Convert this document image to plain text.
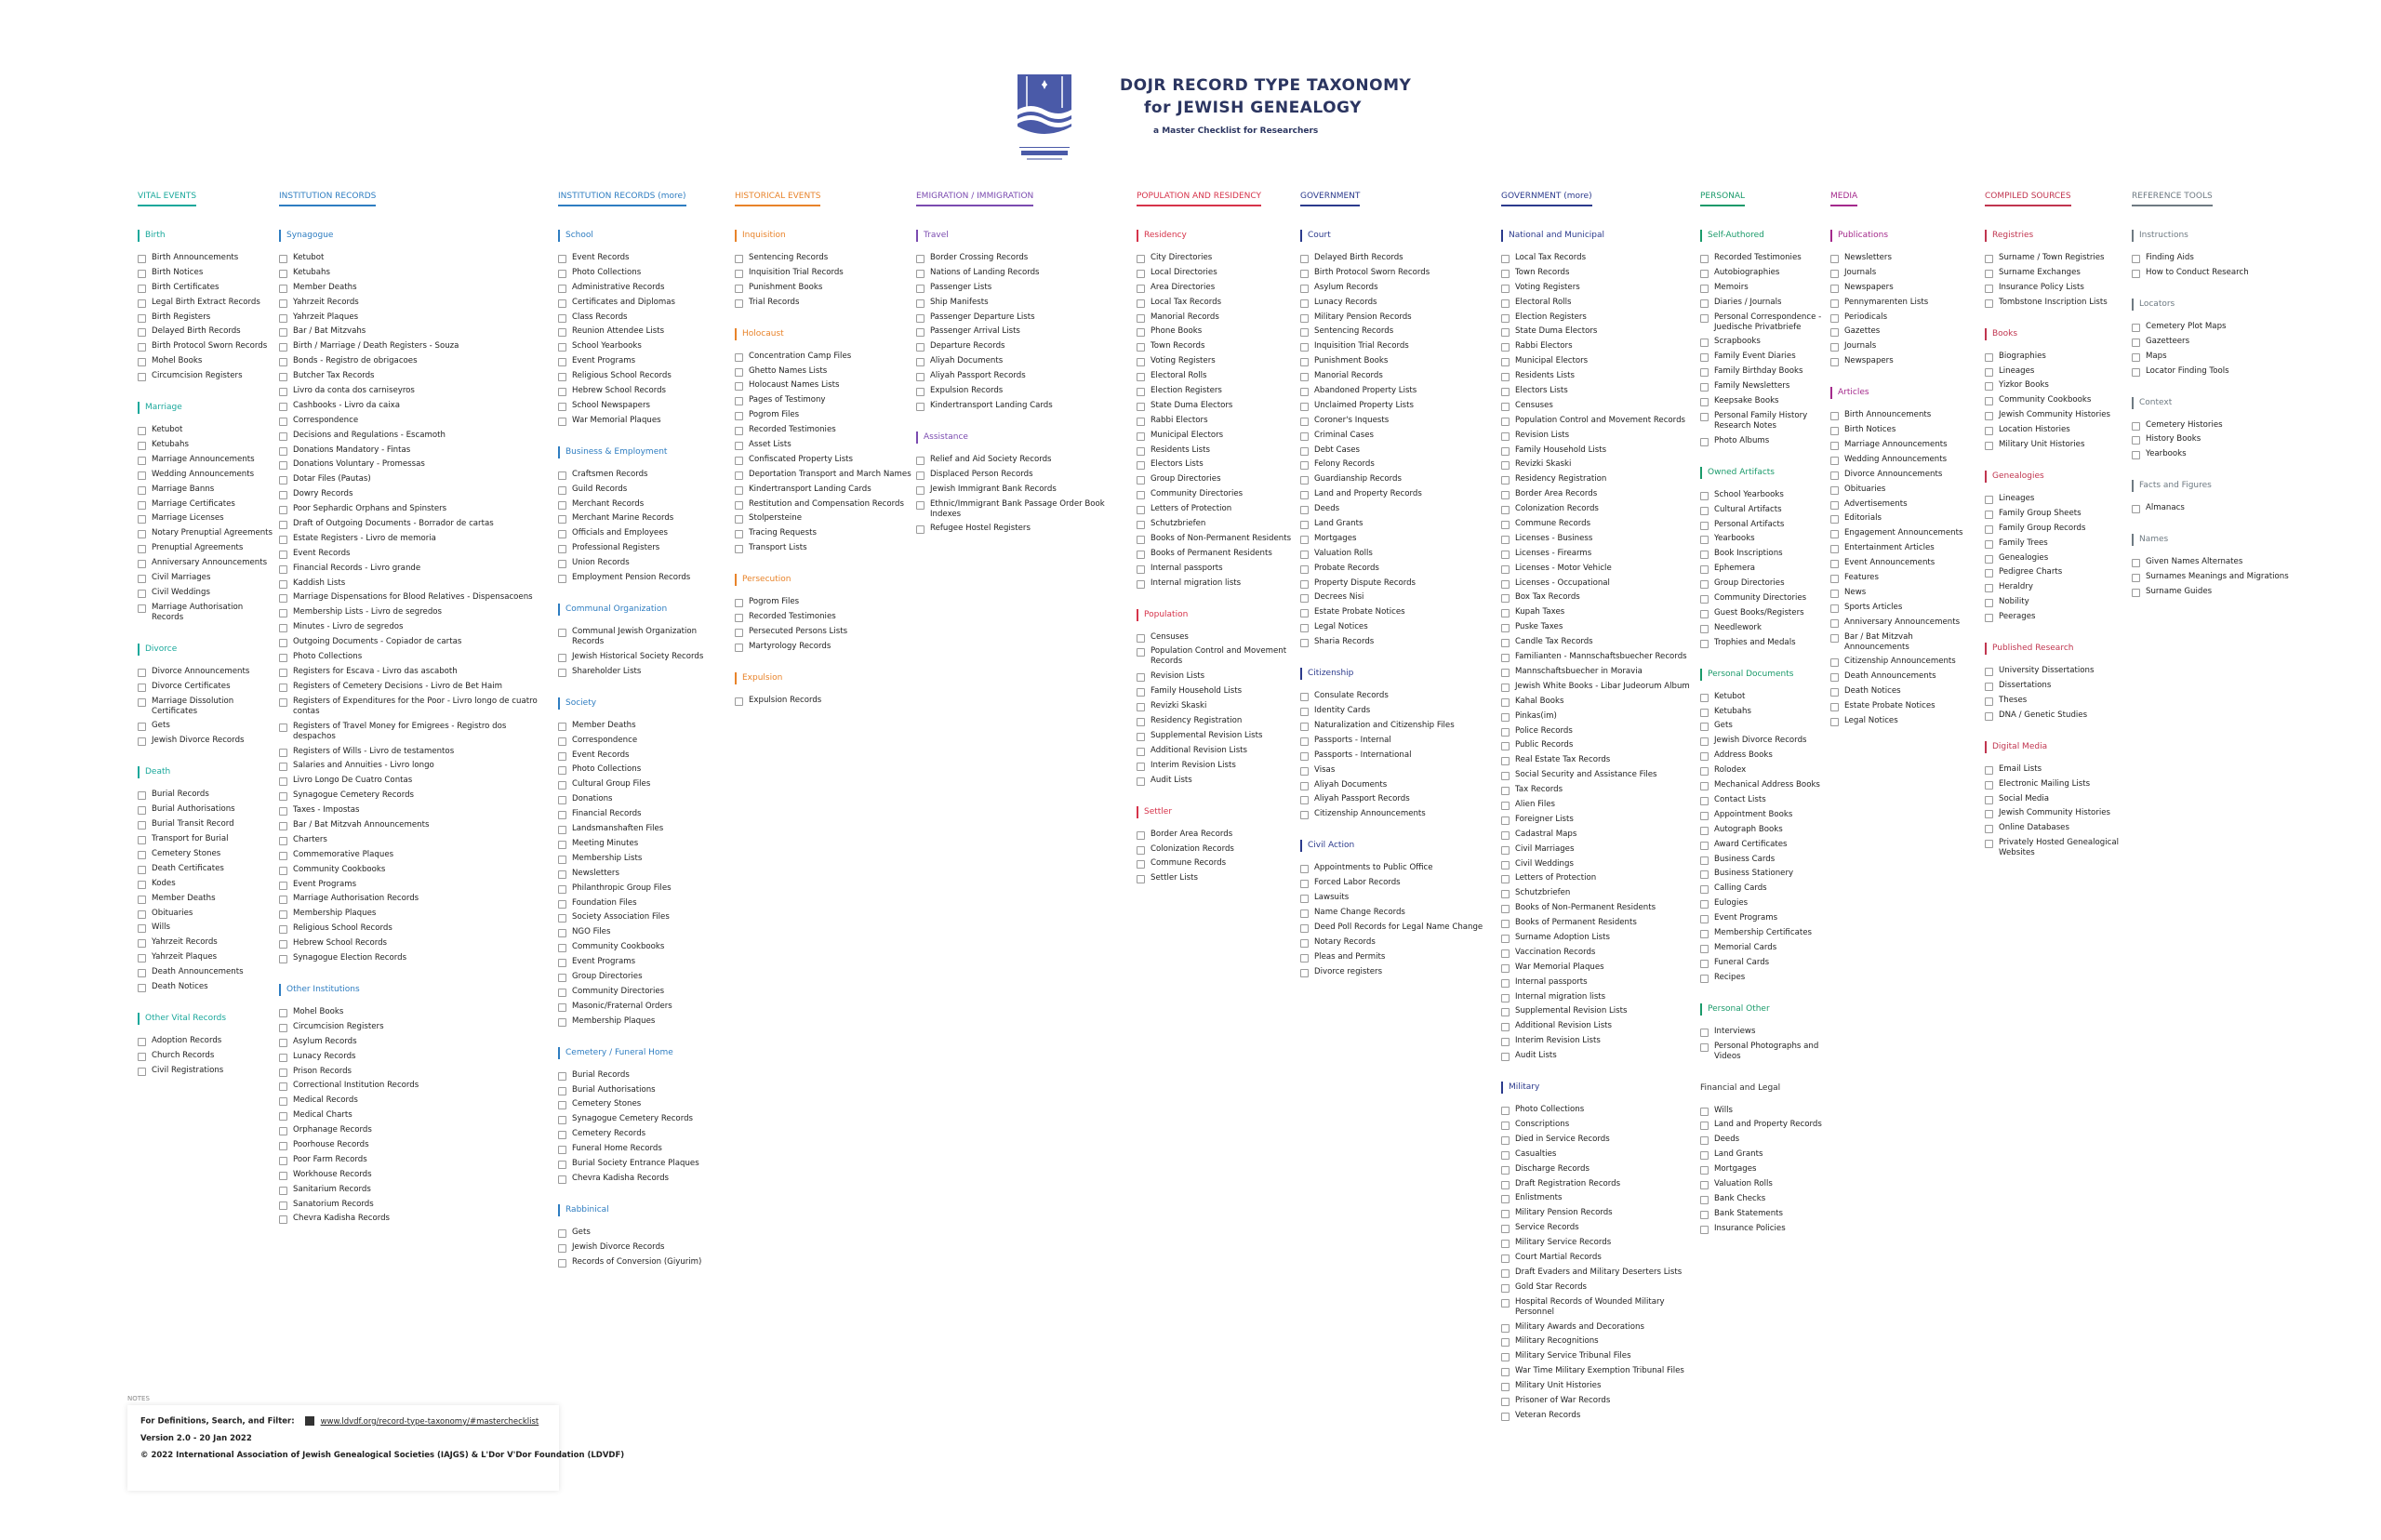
DOJR RECORD TYPE TAXONOMY
for JEWISH GENEALOGY
a Master Checklist for Researchers
VITAL EVENTS
Birth
Birth Announcements
Birth Notices
Birth Certificates
Legal Birth Extract Records
Birth Registers
Delayed Birth Records
Birth Protocol Sworn Records
Mohel Books
Circumcision Registers
Marriage
Ketubot
Ketubahs
Marriage Announcements
Wedding Announcements
Marriage Banns
Marriage Certificates
Marriage Licenses
Notary Prenuptial Agreements
Prenuptial Agreements
Anniversary Announcements
Civil Marriages
Civil Weddings
Marriage Authorisation Records
Divorce
Divorce Announcements
Divorce Certificates
Marriage Dissolution Certificates
Gets
Jewish Divorce Records
Death
Burial Records
Burial Authorisations
Burial Transit Record
Transport for Burial
Cemetery Stones
Death Certificates
Kodes
Member Deaths
Obituaries
Wills
Yahrzeit Records
Yahrzeit Plaques
Death Announcements
Death Notices
Other Vital Records
Adoption Records
Church Records
Civil Registrations
INSTITUTION RECORDS
Synagogue
Ketubot
Ketubahs
Member Deaths
Yahrzeit Records
Yahrzeit Plaques
Bar / Bat Mitzvahs
Birth / Marriage / Death Registers - Souza
Bonds - Registro de obrigacoes
Butcher Tax Records
Livro da conta dos carniseyros
Cashbooks - Livro da caixa
Correspondence
Decisions and Regulations - Escamoth
Donations Mandatory - Fintas
Donations Voluntary - Promessas
Dotar Files (Pautas)
Dowry Records
Poor Sephardic Orphans and Spinsters
Draft of Outgoing Documents - Borrador de cartas
Estate Registers - Livro de memoria
Event Records
Financial Records - Livro grande
Kaddish Lists
Marriage Dispensations for Blood Relatives - Dispensacoens
Membership Lists - Livro de segredos
Minutes - Livro de segredos
Outgoing Documents - Copiador de cartas
Photo Collections
Registers for Escava - Livro das ascaboth
Registers of Cemetery Decisions - Livro de Bet Haim
Registers of Expenditures for the Poor - Livro longo de cuatro contas
Registers of Travel Money for Emigrees - Registro dos despachos
Registers of Wills - Livro de testamentos
Salaries and Annuities - Livro longo
Livro Longo De Cuatro Contas
Synagogue Cemetery Records
Taxes - Impostas
Bar / Bat Mitzvah Announcements
Charters
Commemorative Plaques
Community Cookbooks
Event Programs
Marriage Authorisation Records
Membership Plaques
Religious School Records
Hebrew School Records
Synagogue Election Records
Other Institutions
Mohel Books
Circumcision Registers
Asylum Records
Lunacy Records
Prison Records
Correctional Institution Records
Medical Records
Medical Charts
Orphanage Records
Poorhouse Records
Poor Farm Records
Workhouse Records
Sanitarium Records
Sanatorium Records
Chevra Kadisha Records
INSTITUTION RECORDS (more)
School
Event Records
Photo Collections
Administrative Records
Certificates and Diplomas
Class Records
Reunion Attendee Lists
School Yearbooks
Event Programs
Religious School Records
Hebrew School Records
School Newspapers
War Memorial Plaques
Business & Employment
Craftsmen Records
Guild Records
Merchant Records
Merchant Marine Records
Officials and Employees
Professional Registers
Union Records
Employment Pension Records
Communal Organization
Communal Jewish Organization Records
Jewish Historical Society Records
Shareholder Lists
Society
Member Deaths
Correspondence
Event Records
Photo Collections
Cultural Group Files
Donations
Financial Records
Landsmanshaften Files
Meeting Minutes
Membership Lists
Newsletters
Philanthropic Group Files
Foundation Files
Society Association Files
NGO Files
Community Cookbooks
Event Programs
Group Directories
Community Directories
Masonic/Fraternal Orders
Membership Plaques
Cemetery / Funeral Home
Burial Records
Burial Authorisations
Cemetery Stones
Synagogue Cemetery Records
Cemetery Records
Funeral Home Records
Burial Society Entrance Plaques
Chevra Kadisha Records
Rabbinical
Gets
Jewish Divorce Records
Records of Conversion (Giyurim)
HISTORICAL EVENTS
Inquisition
Sentencing Records
Inquisition Trial Records
Punishment Books
Trial Records
Holocaust
Concentration Camp Files
Ghetto Names Lists
Holocaust Names Lists
Pages of Testimony
Pogrom Files
Recorded Testimonies
Asset Lists
Confiscated Property Lists
Deportation Transport and March Names
Kindertransport Landing Cards
Restitution and Compensation Records
Stolpersteine
Tracing Requests
Transport Lists
Persecution
Pogrom Files
Recorded Testimonies
Persecuted Persons Lists
Martyrology Records
Expulsion
Expulsion Records
EMIGRATION / IMMIGRATION
Travel
Border Crossing Records
Nations of Landing Records
Passenger Lists
Ship Manifests
Passenger Departure Lists
Passenger Arrival Lists
Departure Records
Aliyah Documents
Aliyah Passport Records
Expulsion Records
Kindertransport Landing Cards
Assistance
Relief and Aid Society Records
Displaced Person Records
Jewish Immigrant Bank Records
Ethnic/Immigrant Bank Passage Order Book Indexes
Refugee Hostel Registers
POPULATION AND RESIDENCY
Residency
City Directories
Local Directories
Area Directories
Local Tax Records
Manorial Records
Phone Books
Town Records
Voting Registers
Electoral Rolls
Election Registers
State Duma Electors
Rabbi Electors
Municipal Electors
Residents Lists
Electors Lists
Group Directories
Community Directories
Letters of Protection
Schutzbriefen
Books of Non-Permanent Residents
Books of Permanent Residents
Internal passports
Internal migration lists
Population
Censuses
Population Control and Movement Records
Revision Lists
Family Household Lists
Revizki Skaski
Residency Registration
Supplemental Revision Lists
Additional Revision Lists
Interim Revision Lists
Audit Lists
Settler
Border Area Records
Colonization Records
Commune Records
Settler Lists
GOVERNMENT
Court
Delayed Birth Records
Birth Protocol Sworn Records
Asylum Records
Lunacy Records
Military Pension Records
Sentencing Records
Inquisition Trial Records
Punishment Books
Manorial Records
Abandoned Property Lists
Unclaimed Property Lists
Coroner's Inquests
Criminal Cases
Debt Cases
Felony Records
Guardianship Records
Land and Property Records
Deeds
Land Grants
Mortgages
Valuation Rolls
Probate Records
Property Dispute Records
Decrees Nisi
Estate Probate Notices
Legal Notices
Sharia Records
Citizenship
Consulate Records
Identity Cards
Naturalization and Citizenship Files
Passports - Internal
Passports - International
Visas
Aliyah Documents
Aliyah Passport Records
Citizenship Announcements
Civil Action
Appointments to Public Office
Forced Labor Records
Lawsuits
Name Change Records
Deed Poll Records for Legal Name Change
Notary Records
Pleas and Permits
Divorce registers
GOVERNMENT (more)
National and Municipal
Local Tax Records
Town Records
Voting Registers
Electoral Rolls
Election Registers
State Duma Electors
Rabbi Electors
Municipal Electors
Residents Lists
Electors Lists
Censuses
Population Control and Movement Records
Revision Lists
Family Household Lists
Revizki Skaski
Residency Registration
Border Area Records
Colonization Records
Commune Records
Licenses - Business
Licenses - Firearms
Licenses - Motor Vehicle
Licenses - Occupational
Box Tax Records
Kupah Taxes
Puske Taxes
Candle Tax Records
Familianten - Mannschaftsbuecher Records
Mannschaftsbuecher in Moravia
Jewish White Books - Libar Judeorum Album
Kahal Books
Pinkas(im)
Police Records
Public Records
Real Estate Tax Records
Social Security and Assistance Files
Tax Records
Alien Files
Foreigner Lists
Cadastral Maps
Civil Marriages
Civil Weddings
Letters of Protection
Schutzbriefen
Books of Non-Permanent Residents
Books of Permanent Residents
Surname Adoption Lists
Vaccination Records
War Memorial Plaques
Internal passports
Internal migration lists
Supplemental Revision Lists
Additional Revision Lists
Interim Revision Lists
Audit Lists
Military
Photo Collections
Conscriptions
Died in Service Records
Casualties
Discharge Records
Draft Registration Records
Enlistments
Military Pension Records
Service Records
Military Service Records
Court Martial Records
Draft Evaders and Military Deserters Lists
Gold Star Records
Hospital Records of Wounded Military Personnel
Military Awards and Decorations
Military Recognitions
Military Service Tribunal Files
War Time Military Exemption Tribunal Files
Military Unit Histories
Prisoner of War Records
Veteran Records
PERSONAL
Self-Authored
Recorded Testimonies
Autobiographies
Memoirs
Diaries / Journals
Personal Correspondence - Juedische Privatbriefe
Scrapbooks
Family Event Diaries
Family Birthday Books
Family Newsletters
Keepsake Books
Personal Family History Research Notes
Photo Albums
Owned Artifacts
School Yearbooks
Cultural Artifacts
Personal Artifacts
Yearbooks
Book Inscriptions
Ephemera
Group Directories
Community Directories
Guest Books/Registers
Needlework
Trophies and Medals
Personal Documents
Ketubot
Ketubahs
Gets
Jewish Divorce Records
Address Books
Rolodex
Mechanical Address Books
Contact Lists
Appointment Books
Autograph Books
Award Certificates
Business Cards
Business Stationery
Calling Cards
Eulogies
Event Programs
Membership Certificates
Memorial Cards
Funeral Cards
Recipes
Personal Other
Interviews
Personal Photographs and Videos
Financial and Legal
Wills
Land and Property Records
Deeds
Land Grants
Mortgages
Valuation Rolls
Bank Checks
Bank Statements
Insurance Policies
MEDIA
Publications
Newsletters
Journals
Newspapers
Pennymarenten Lists
Periodicals
Gazettes
Journals
Newspapers
Articles
Birth Announcements
Birth Notices
Marriage Announcements
Wedding Announcements
Divorce Announcements
Obituaries
Advertisements
Editorials
Engagement Announcements
Entertainment Articles
Event Announcements
Features
News
Sports Articles
Anniversary Announcements
Bar / Bat Mitzvah Announcements
Citizenship Announcements
Death Announcements
Death Notices
Estate Probate Notices
Legal Notices
COMPILED SOURCES
Registries
Surname / Town Registries
Surname Exchanges
Insurance Policy Lists
Tombstone Inscription Lists
Books
Biographies
Lineages
Yizkor Books
Community Cookbooks
Jewish Community Histories
Location Histories
Military Unit Histories
Genealogies
Lineages
Family Group Sheets
Family Group Records
Family Trees
Genealogies
Pedigree Charts
Heraldry
Nobility
Peerages
Published Research
University Dissertations
Dissertations
Theses
DNA / Genetic Studies
Digital Media
Email Lists
Electronic Mailing Lists
Social Media
Jewish Community Histories
Online Databases
Privately Hosted Genealogical Websites
REFERENCE TOOLS
Instructions
Finding Aids
How to Conduct Research
Locators
Cemetery Plot Maps
Gazetteers
Maps
Locator Finding Tools
Context
Cemetery Histories
History Books
Yearbooks
Facts and Figures
Almanacs
Names
Given Names Alternates
Surnames Meanings and Migrations
Surname Guides
NOTES
For Definitions, Search, and Filter:	www.ldvdf.org/record-type-taxonomy/#masterchecklist
Version 2.0 - 20 Jan 2022
© 2022 International Association of Jewish Genealogical Societies (IAJGS) & L'Dor V'Dor Foundation (LDVDF)
